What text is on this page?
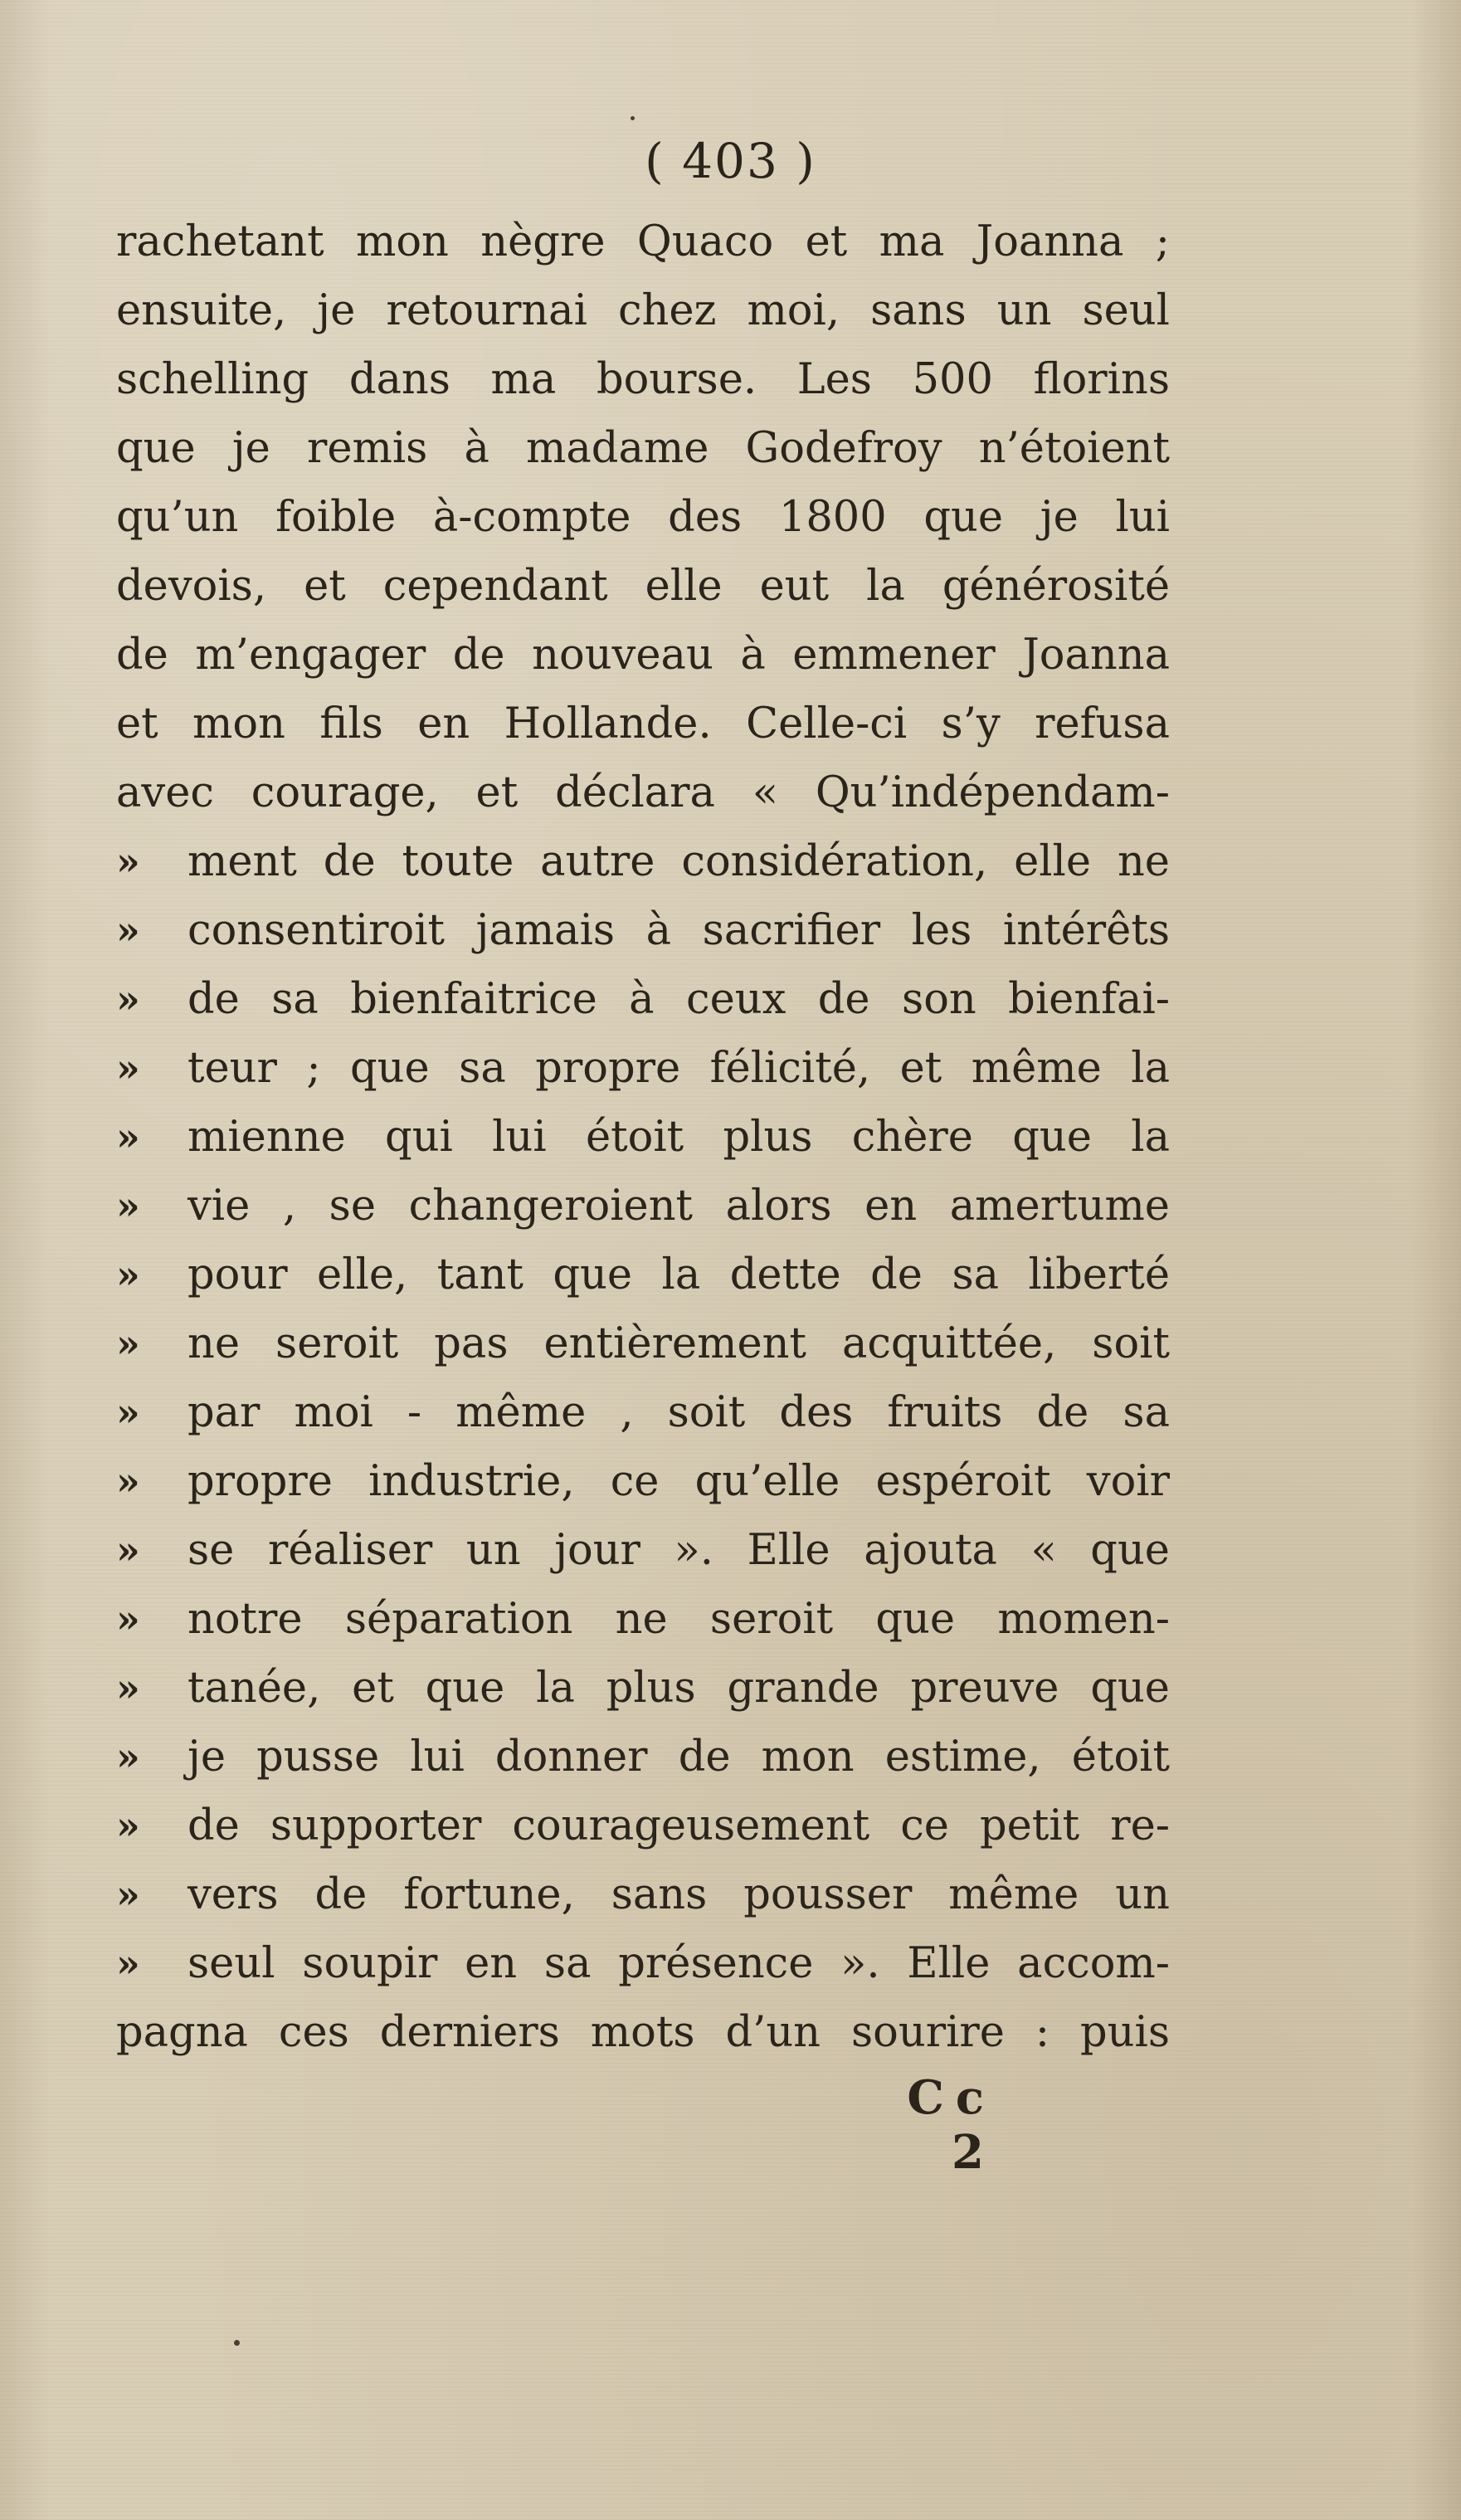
( 403 )
rachetant mon nègre Quaco et ma Joanna ;
ensuite, je retournai chez moi, sans un seul
schelling dans ma bourse. Les 500 florins
que je remis à madame Godefroy n’étoient
qu’un foible à-compte des 1800 que je lui
devois, et cependant elle eut la générosité
de m’engager de nouveau à emmener Joanna
et mon fils en Hollande. Celle-ci s’y refusa
avec courage, et déclara « Qu’indépendam-
» ment de toute autre considération, elle ne
» consentiroit jamais à sacrifier les intérêts
» de sa bienfaitrice à ceux de son bienfai-
» teur ; que sa propre félicité, et même la
» mienne qui lui étoit plus chère que la
» vie , se changeroient alors en amertume
» pour elle, tant que la dette de sa liberté
» ne seroit pas entièrement acquittée, soit
» par moi - même , soit des fruits de sa
» propre industrie, ce qu’elle espéroit voir
» se réaliser un jour ». Elle ajouta « que
» notre séparation ne seroit que momen-
» tanée, et que la plus grande preuve que
» je pusse lui donner de mon estime, étoit
» de supporter courageusement ce petit re-
» vers de fortune, sans pousser même un
» seul soupir en sa présence ». Elle accom-
pagna ces derniers mots d’un sourire : puis
Cc 2
